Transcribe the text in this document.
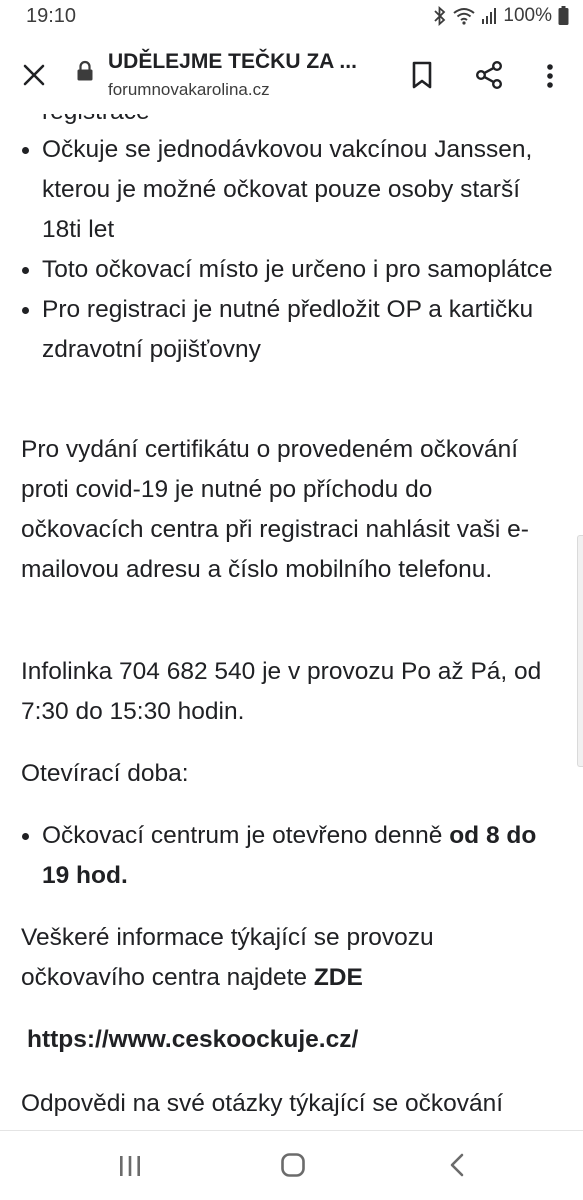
Očkuje se jednodávkovou vakcínou Janssen, kterou je možné očkovat pouze osoby starší 18ti let
Toto očkovací místo je určeno i pro samoplátce
Pro registraci je nutné předložit OP a kartičku zdravotní pojišťovny

Pro vydání certifikátu o provedeném očkování proti covid-19 je nutné po příchodu do očkovacích centra při registraci nahlásit vaši e-mailovou adresu a číslo mobilního telefonu.

Infolinka 704 682 540 je v provozu Po až Pá, od 7:30 do 15:30 hodin.

Otevírací doba:

Očkovací centrum je otevřeno denně od 8 do 19 hod.

Veškeré informace týkající se provozu očkovavího centra najdete ZDE

https://www.ceskoockuje.cz/

Odpovědi na své otázky týkající se očkování

19:10	100%
UDĚLEJME TEČKU ZA ...
forumnovakarolina.cz
